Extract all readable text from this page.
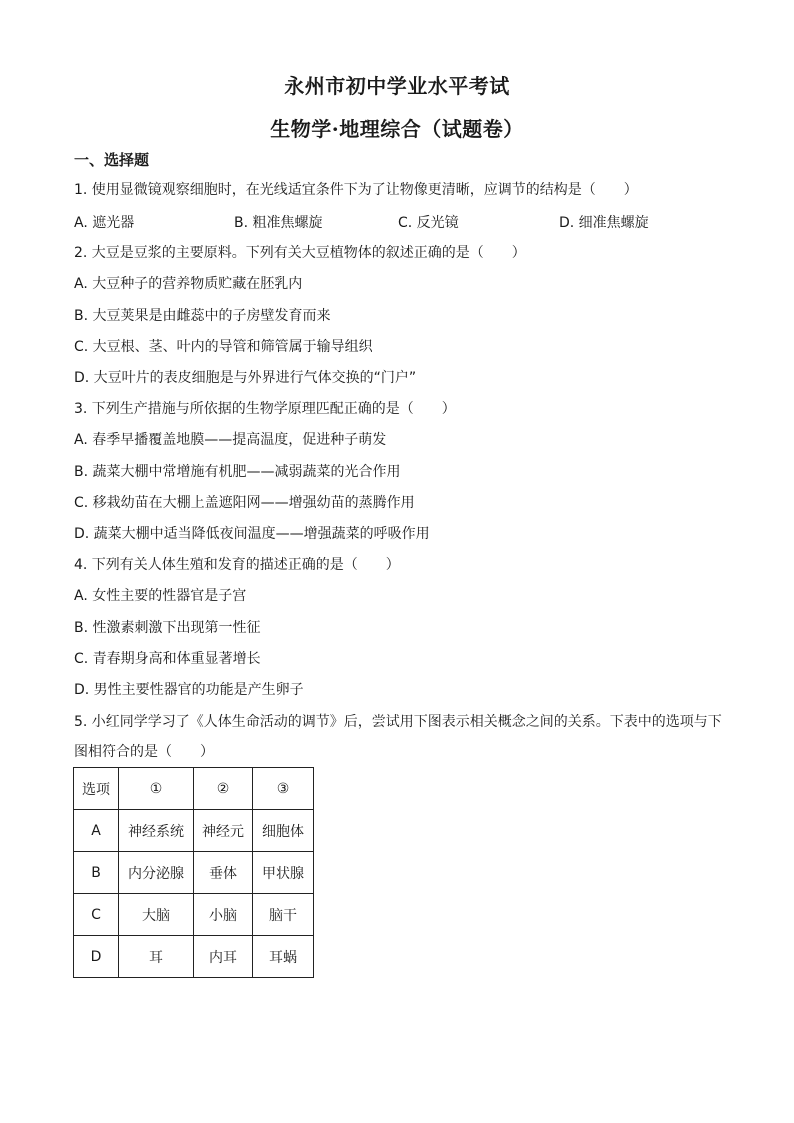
永州市初中学业水平考试
生物学·地理综合（试题卷）
一、选择题
1. 使用显微镜观察细胞时，在光线适宜条件下为了让物像更清晰，应调节的结构是（　　）
A. 遮光器	B. 粗准焦螺旋	C. 反光镜	D. 细准焦螺旋
2. 大豆是豆浆的主要原料。下列有关大豆植物体的叙述正确的是（　　）
A. 大豆种子的营养物质贮藏在胚乳内
B. 大豆荚果是由雌蕊中的子房壁发育而来
C. 大豆根、茎、叶内的导管和筛管属于输导组织
D. 大豆叶片的表皮细胞是与外界进行气体交换的“门户”
3. 下列生产措施与所依据的生物学原理匹配正确的是（　　）
A. 春季早播覆盖地膜——提高温度，促进种子萌发
B. 蔬菜大棚中常增施有机肥——减弱蔬菜的光合作用
C. 移栽幼苗在大棚上盖遮阳网——增强幼苗的蒸腾作用
D. 蔬菜大棚中适当降低夜间温度——增强蔬菜的呼吸作用
4. 下列有关人体生殖和发育的描述正确的是（　　）
A. 女性主要的性器官是子宫
B. 性激素刺激下出现第一性征
C. 青春期身高和体重显著增长
D. 男性主要性器官的功能是产生卵子
5. 小红同学学习了《人体生命活动的调节》后，尝试用下图表示相关概念之间的关系。下表中的选项与下
图相符合的是（　　）
选项	①	②	③
A	神经系统	神经元	细胞体
B	内分泌腺	垂体	甲状腺
C	大脑	小脑	脑干
D	耳	内耳	耳蜗
